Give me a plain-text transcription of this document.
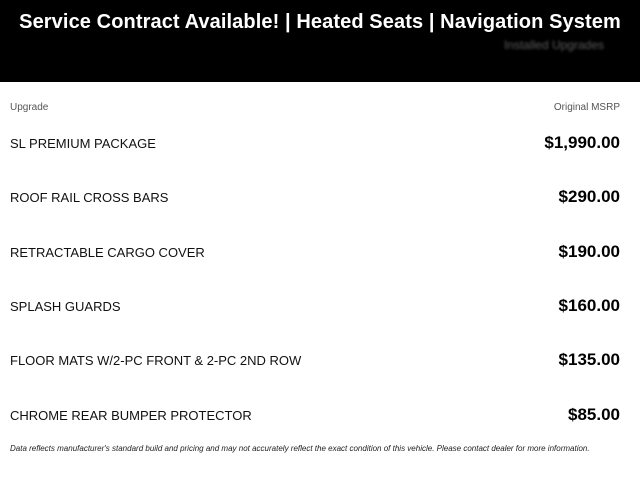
Service Contract Available! | Heated Seats | Navigation System
Installed Upgrades
Upgrade	Original MSRP
SL PREMIUM PACKAGE	$1,990.00
ROOF RAIL CROSS BARS	$290.00
RETRACTABLE CARGO COVER	$190.00
SPLASH GUARDS	$160.00
FLOOR MATS W/2-PC FRONT & 2-PC 2ND ROW	$135.00
CHROME REAR BUMPER PROTECTOR	$85.00
Data reflects manufacturer's standard build and pricing and may not accurately reflect the exact condition of this vehicle. Please contact dealer for more information.
